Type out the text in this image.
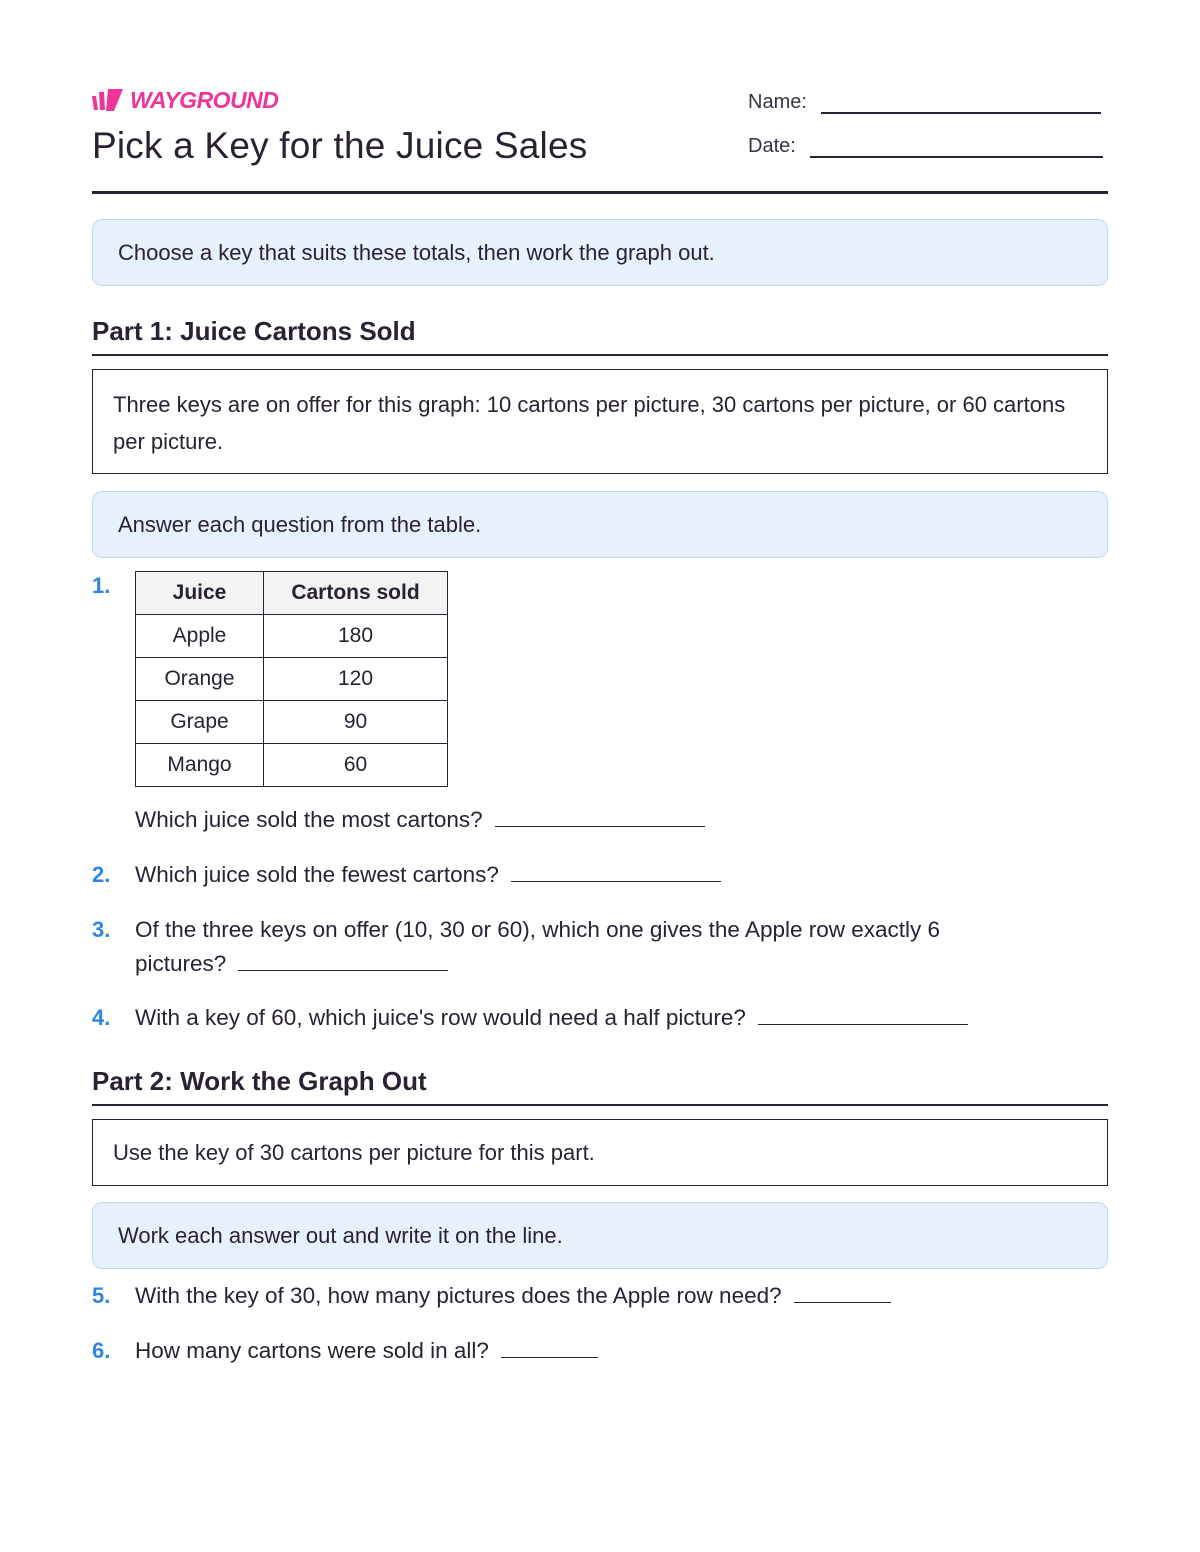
WAYGROUND
Pick a Key for the Juice Sales
Name:
Date:
Choose a key that suits these totals, then work the graph out.
Part 1: Juice Cartons Sold
Three keys are on offer for this graph: 10 cartons per picture, 30 cartons per picture, or 60 cartons per picture.
Answer each question from the table.
1.	Juice	Cartons sold
Apple	180
Orange	120
Grape	90
Mango	60
Which juice sold the most cartons?
2. Which juice sold the fewest cartons?
3. Of the three keys on offer (10, 30 or 60), which one gives the Apple row exactly 6
pictures?
4. With a key of 60, which juice's row would need a half picture?
Part 2: Work the Graph Out
Use the key of 30 cartons per picture for this part.
Work each answer out and write it on the line.
5. With the key of 30, how many pictures does the Apple row need?
6. How many cartons were sold in all?
